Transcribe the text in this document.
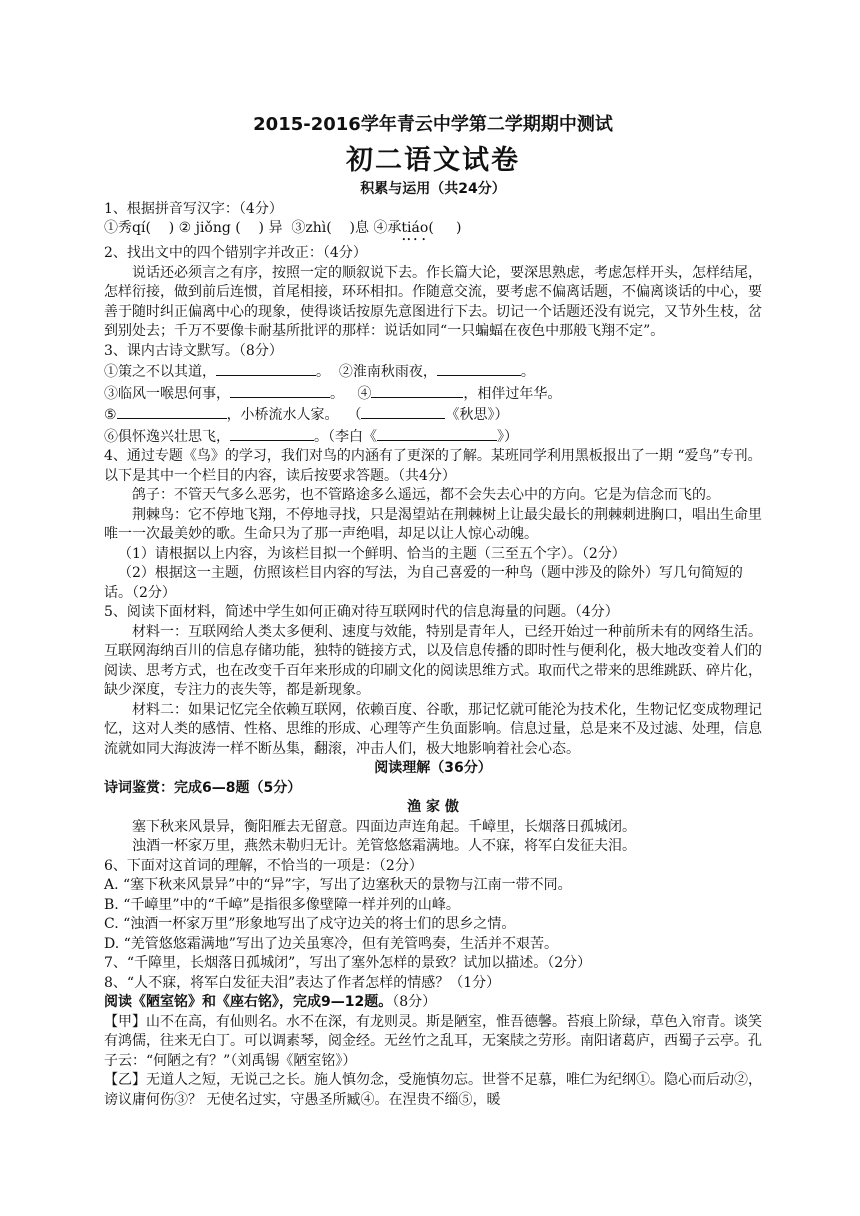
2015-2016学年青云中学第二学期期中测试
初二语文试卷
积累与运用（共24分）

1、根据拼音写汉字：（4分）

①秀qí(    ) ② jiǒng (    ) 异  ③zhì(    )息 ④承tiáo(     )

2、找出文中的四个错别字并改正：（4分）

说话还必须言之有序，按照一定的顺叙说下去。作长篇大论，要深思熟虑，考虑怎样开头，怎样结尾，怎样衍接，做到前后连惯，首尾相接，环环相扣。作随意交流，要考虑不偏离话题，不偏离谈话的中心，要善于随时纠正偏离中心的现象，使得谈话按原先意图进行下去。切记一个话题还没有说完，又节外生枝，岔到别处去；千万不要像卡耐基所批评的那样：说话如同“一只蝙蝠在夜色中那般飞翔不定”。

3、课内古诗文默写。（8分）

①策之不以其道，	。  ②淮南秋雨夜，	。

③临风一喉思何事，	。   ④	，相伴过年华。

⑤	，小桥流水人家。  （	《秋思》）

⑥俱怀逸兴壮思飞，	。（李白《	》）

4、通过专题《鸟》的学习，我们对鸟的内涵有了更深的了解。某班同学利用黑板报出了一期 “爱鸟”专刊。以下是其中一个栏目的内容，读后按要求答题。（共4分）

鸽子：不管天气多么恶劣，也不管路途多么遥远，都不会失去心中的方向。它是为信念而飞的。

荆棘鸟：它不停地飞翔，不停地寻找，只是渴望站在荆棘树上让最尖最长的荆棘刺进胸口，唱出生命里唯一一次最美妙的歌。生命只为了那一声绝唱，却足以让人惊心动魄。

（1）请根据以上内容，为该栏目拟一个鲜明、恰当的主题（三至五个字）。（2分）

（2）根据这一主题，仿照该栏目内容的写法，为自己喜爱的一种鸟（题中涉及的除外）写几句简短的话。（2分）

5、阅读下面材料，简述中学生如何正确对待互联网时代的信息海量的问题。（4分）

材料一：互联网给人类太多便利、速度与效能，特别是青年人，已经开始过一种前所未有的网络生活。互联网海纳百川的信息存储功能，独特的链接方式，以及信息传播的即时性与便利化，极大地改变着人们的阅读、思考方式，也在改变千百年来形成的印刷文化的阅读思维方式。取而代之带来的思维跳跃、碎片化，缺少深度，专注力的丧失等，都是新现象。

材料二：如果记忆完全依赖互联网，依赖百度、谷歌，那记忆就可能沦为技术化，生物记忆变成物理记忆，这对人类的感情、性格、思维的形成、心理等产生负面影响。信息过量，总是来不及过滤、处理，信息流就如同大海波涛一样不断丛集，翻滚，冲击人们，极大地影响着社会心态。

阅读理解（36分）

诗词鉴赏：完成6—8题（5分）

渔 家 傲

塞下秋来风景异，衡阳雁去无留意。四面边声连角起。千嶂里，长烟落日孤城闭。

浊酒一杯家万里，燕然未勒归无计。羌管悠悠霜满地。人不寐，将军白发征夫泪。

6、下面对这首词的理解，不恰当的一项是：（2分）

A. “塞下秋来风景异”中的“异”字，写出了边塞秋天的景物与江南一带不同。

B. “千嶂里”中的“千嶂”是指很多像壁障一样并列的山峰。

C. “浊酒一杯家万里”形象地写出了戍守边关的将士们的思乡之情。

D. “羌管悠悠霜满地”写出了边关虽寒冷，但有羌管鸣奏，生活并不艰苦。

7、“千障里，长烟落日孤城闭”，写出了塞外怎样的景致？试加以描述。（2分）

8、“人不寐，将军白发征夫泪”表达了作者怎样的情感？（1分）

阅读《陋室铭》和《座右铭》，完成9—12题。（8分）

【甲】山不在高，有仙则名。水不在深，有龙则灵。斯是陋室，惟吾德馨。苔痕上阶绿，草色入帘青。谈笑有鸿儒，往来无白丁。可以调素琴，阅金经。无丝竹之乱耳，无案牍之劳形。南阳诸葛庐，西蜀子云亭。孔子云：“何陋之有？”（刘禹锡《陋室铭》）

【乙】无道人之短，无说己之长。施人慎勿念，受施慎勿忘。世誉不足慕，唯仁为纪纲①。隐心而后动②，谤议庸何伤③？ 无使名过实，守愚圣所臧④。在涅贵不缁⑤，暖
